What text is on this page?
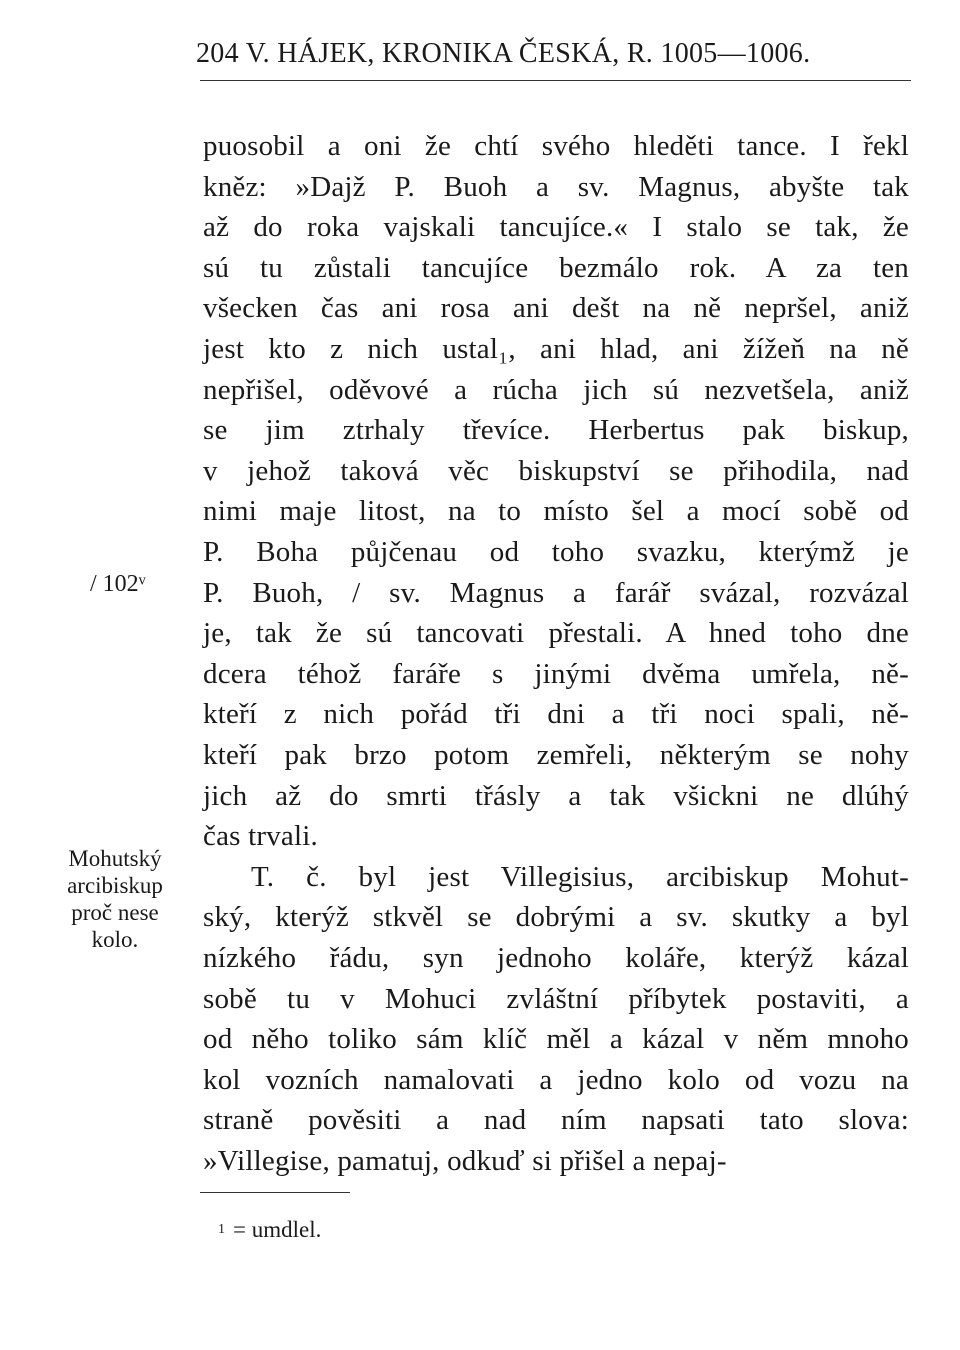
204 V. HÁJEK, KRONIKA ČESKÁ, R. 1005—1006.
puosobil a oni že chtí svého hleděti tance. I řekl
kněz: »Dajž P. Buoh a sv. Magnus, abyšte tak
až do roka vajskali tancujíce.« I stalo se tak, že
sú tu zůstali tancujíce bezmálo rok. A za ten
všecken čas ani rosa ani dešt na ně nepršel, aniž
jest kto z nich ustal₁, ani hlad, ani žížeň na ně
nepřišel, oděvové a rúcha jich sú nezvetšela, aniž
se jim ztrhaly třevíce. Herbertus pak biskup,
v jehož taková věc biskupství se přihodila, nad
nimi maje litost, na to místo šel a mocí sobě od
P. Boha půjčenau od toho svazku, kterýmž je
P. Buoh, / sv. Magnus a farář svázal, rozvázal
je, tak že sú tancovati přestali. A hned toho dne
dcera téhož faráře s jinými dvěma umřela, ně-
kteří z nich pořád tři dni a tři noci spali, ně-
kteří pak brzo potom zemřeli, některým se nohy
jich až do smrti třásly a tak všickni ne dlúhý
čas trvali.
T. č. byl jest Villegisius, arcibiskup Mohut-
ský, kterýž stkvěl se dobrými a sv. skutky a byl
nízkého řádu, syn jednoho koláře, kterýž kázal
sobě tu v Mohuci zvláštní příbytek postaviti, a
od něho toliko sám klíč měl a kázal v něm mnoho
kol vozních namalovati a jedno kolo od vozu na
straně pověsiti a nad ním napsati tato slova:
»Villegise, pamatuj, odkuď si přišel a nepaj-
/ 102ᵛ
Mohutský
arcibiskup
proč nese
kolo.
$^1$ = umdlel.
